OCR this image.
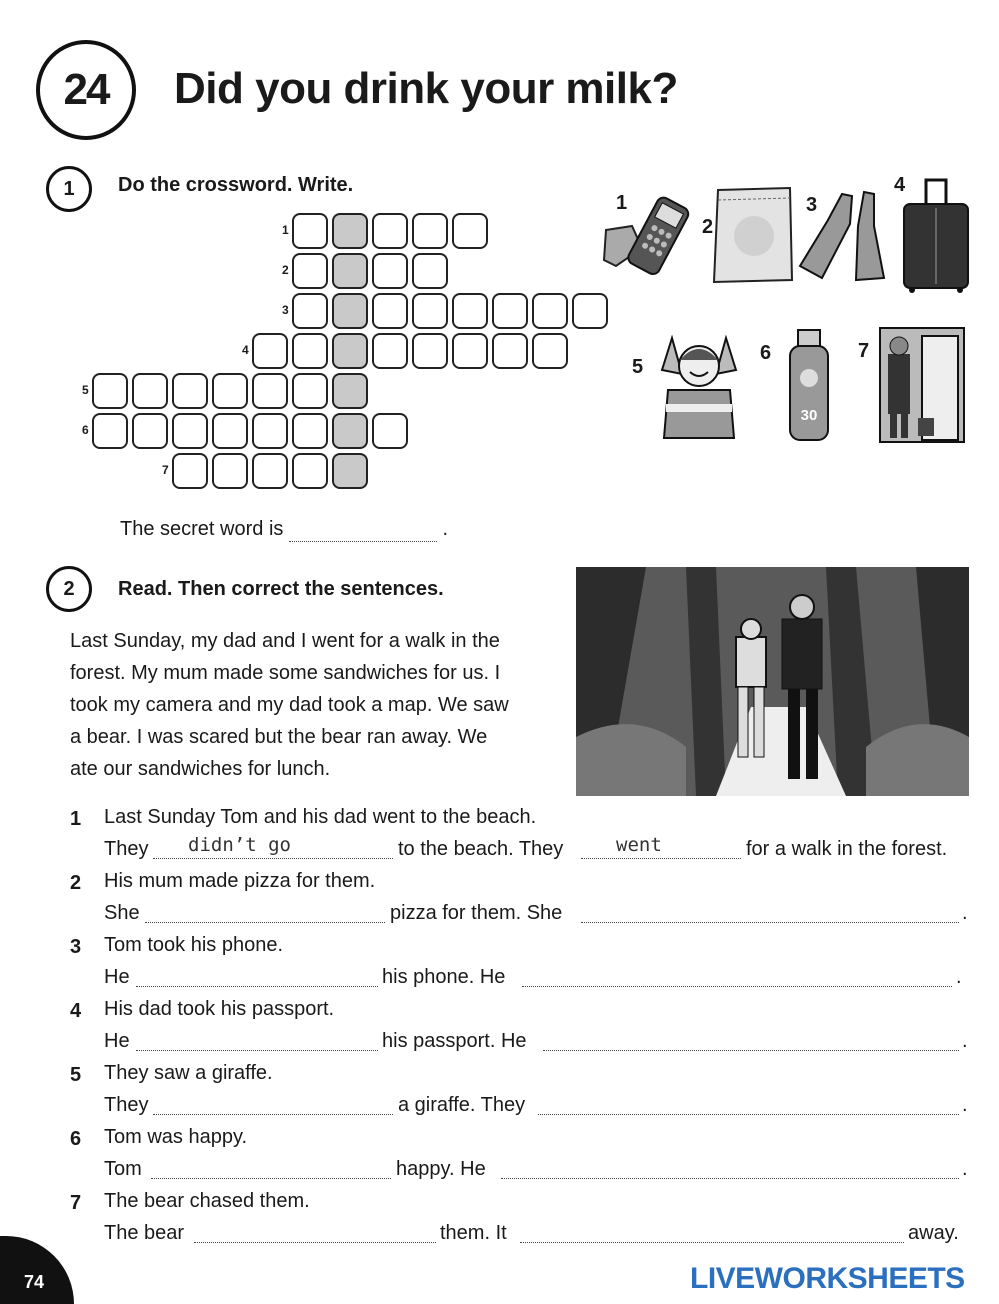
24 Did you drink your milk?
1 Do the crossword. Write.
1
2
3
4
5
6
7
1
2
3
4
5
6
30
7
The secret word is	.
2 Read. Then correct the sentences.
Last Sunday, my dad and I went for a walk in the
forest. My mum made some sandwiches for us. I
took my camera and my dad took a map. We saw
a bear. I was scared but the bear ran away. We
ate our sandwiches for lunch.
1 Last Sunday Tom and his dad went to the beach.
They didn’t go	to the beach. They	went	for a walk in the forest.
2 His mum made pizza for them.
She	pizza for them. She	.
3 Tom took his phone.
He	his phone. He	.
4 His dad took his passport.
He	his passport. He	.
5 They saw a giraffe.
They	a giraffe. They	.
6 Tom was happy.
Tom	happy. He	.
7 The bear chased them.
The bear	them. It	away.
74	LIVEWORKSHEETS
